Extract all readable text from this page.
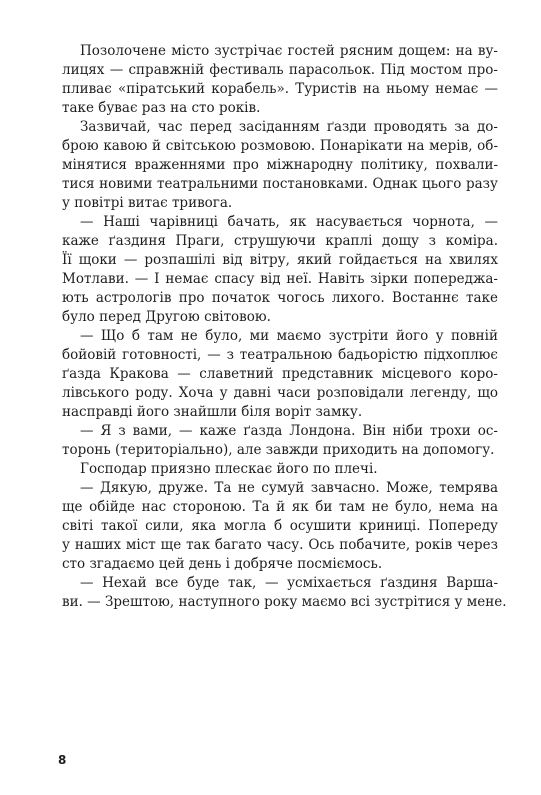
Позолочене місто зустрічає гостей рясним дощем: на ву-
лицях — справжній фестиваль парасольок. Під мостом про-
пливає «піратський корабель». Туристів на ньому немає —
таке буває раз на сто років.
Зазвичай, час перед засіданням ґазди проводять за до-
брою кавою й світською розмовою. Понарікати на мерів, об-
мінятися враженнями про міжнародну політику, похвали-
тися новими театральними постановками. Однак цього разу
у повітрі витає тривога.
— Наші чарівниці бачать, як насувається чорнота, —
каже ґаздиня Праги, струшуючи краплі дощу з коміра.
Її щоки — розпашілі від вітру, який гойдається на хвилях
Мотлави. — І немає спасу від неї. Навіть зірки попереджа-
ють астрологів про початок чогось лихого. Востаннє таке
було перед Другою світовою.
— Що б там не було, ми маємо зустріти його у повній
бойовій готовності, — з театральною бадьорістю підхоплює
ґазда Кракова — славетний представник місцевого коро-
лівського роду. Хоча у давні часи розповідали легенду, що
насправді його знайшли біля воріт замку.
— Я з вами, — каже ґазда Лондона. Він ніби трохи ос-
торонь (територіально), але завжди приходить на допомогу.
Господар приязно плескає його по плечі.
— Дякую, друже. Та не сумуй завчасно. Може, темрява
ще обійде нас стороною. Та й як би там не було, нема на
світі такої сили, яка могла б осушити криниці. Попереду
у наших міст ще так багато часу. Ось побачите, років через
сто згадаємо цей день і добряче посміємось.
— Нехай все буде так, — усміхається ґаздиня Варша-
ви. — Зрештою, наступного року маємо всі зустрітися у мене.
8
